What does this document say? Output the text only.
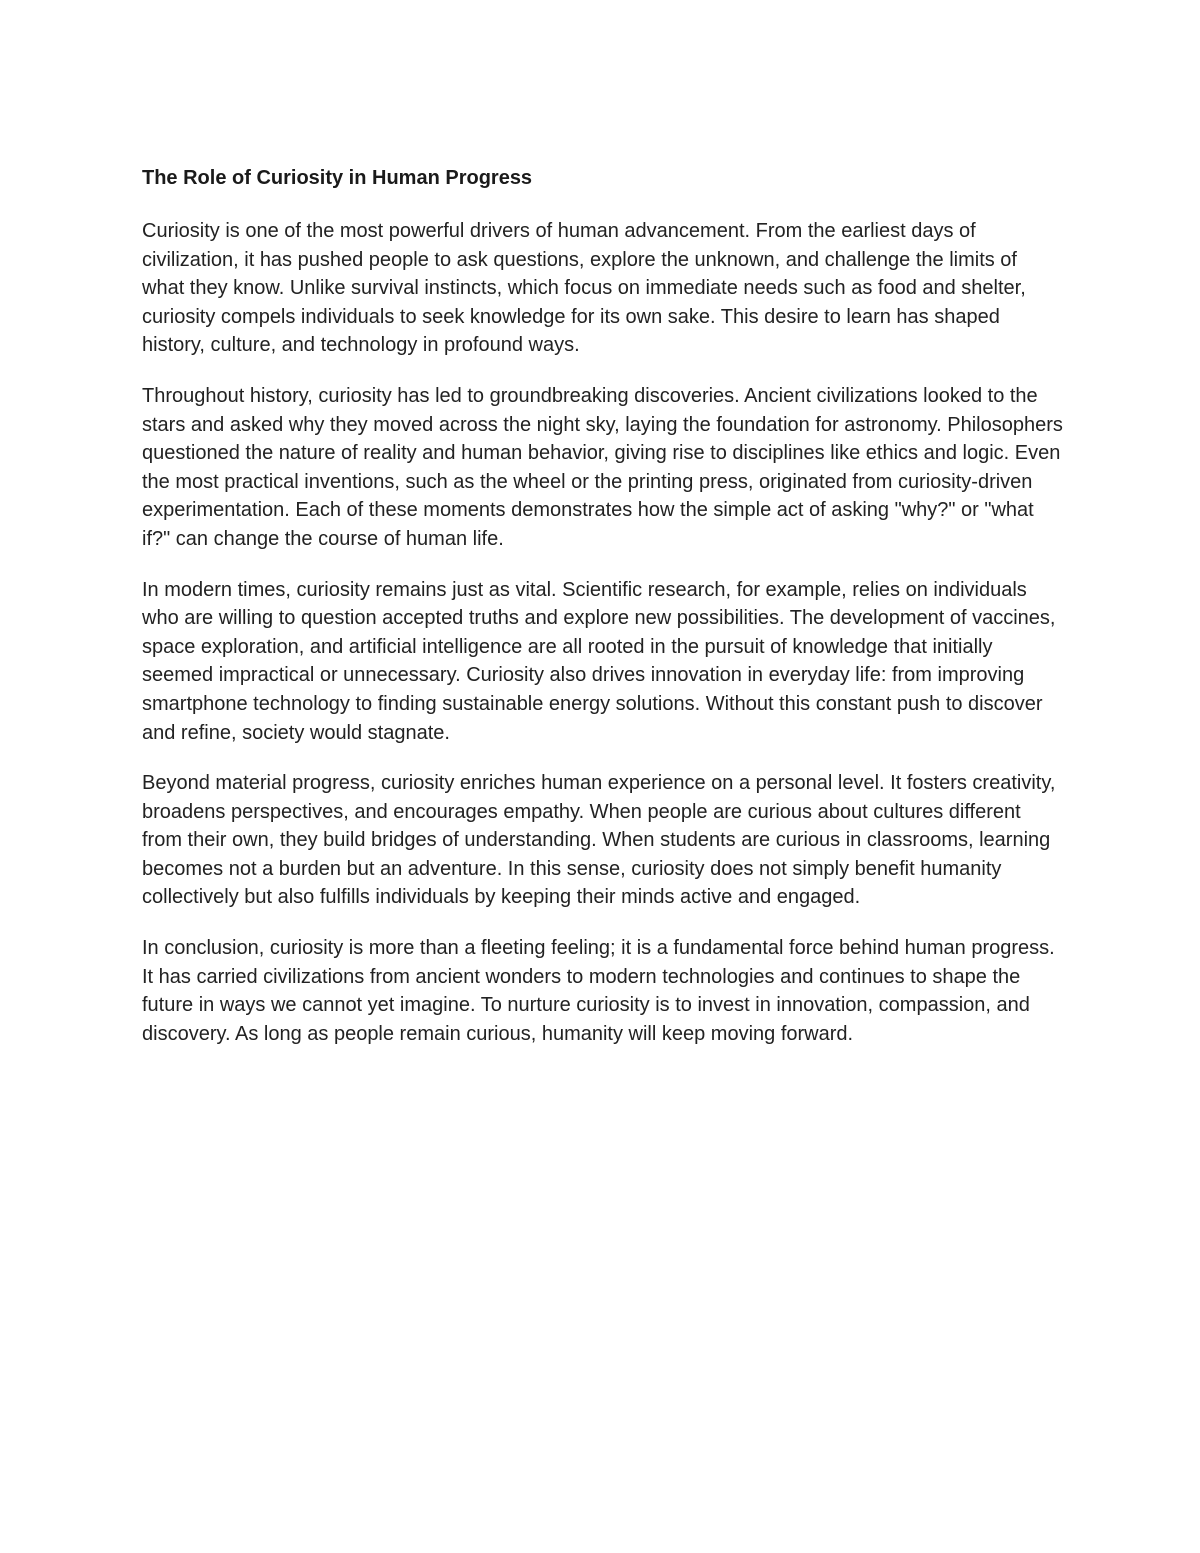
The Role of Curiosity in Human Progress

Curiosity is one of the most powerful drivers of human advancement. From the earliest days of civilization, it has pushed people to ask questions, explore the unknown, and challenge the limits of what they know. Unlike survival instincts, which focus on immediate needs such as food and shelter, curiosity compels individuals to seek knowledge for its own sake. This desire to learn has shaped history, culture, and technology in profound ways.

Throughout history, curiosity has led to groundbreaking discoveries. Ancient civilizations looked to the stars and asked why they moved across the night sky, laying the foundation for astronomy. Philosophers questioned the nature of reality and human behavior, giving rise to disciplines like ethics and logic. Even the most practical inventions, such as the wheel or the printing press, originated from curiosity-driven experimentation. Each of these moments demonstrates how the simple act of asking "why?" or "what if?" can change the course of human life.

In modern times, curiosity remains just as vital. Scientific research, for example, relies on individuals who are willing to question accepted truths and explore new possibilities. The development of vaccines, space exploration, and artificial intelligence are all rooted in the pursuit of knowledge that initially seemed impractical or unnecessary. Curiosity also drives innovation in everyday life: from improving smartphone technology to finding sustainable energy solutions. Without this constant push to discover and refine, society would stagnate.

Beyond material progress, curiosity enriches human experience on a personal level. It fosters creativity, broadens perspectives, and encourages empathy. When people are curious about cultures different from their own, they build bridges of understanding. When students are curious in classrooms, learning becomes not a burden but an adventure. In this sense, curiosity does not simply benefit humanity collectively but also fulfills individuals by keeping their minds active and engaged.

In conclusion, curiosity is more than a fleeting feeling; it is a fundamental force behind human progress. It has carried civilizations from ancient wonders to modern technologies and continues to shape the future in ways we cannot yet imagine. To nurture curiosity is to invest in innovation, compassion, and discovery. As long as people remain curious, humanity will keep moving forward.
